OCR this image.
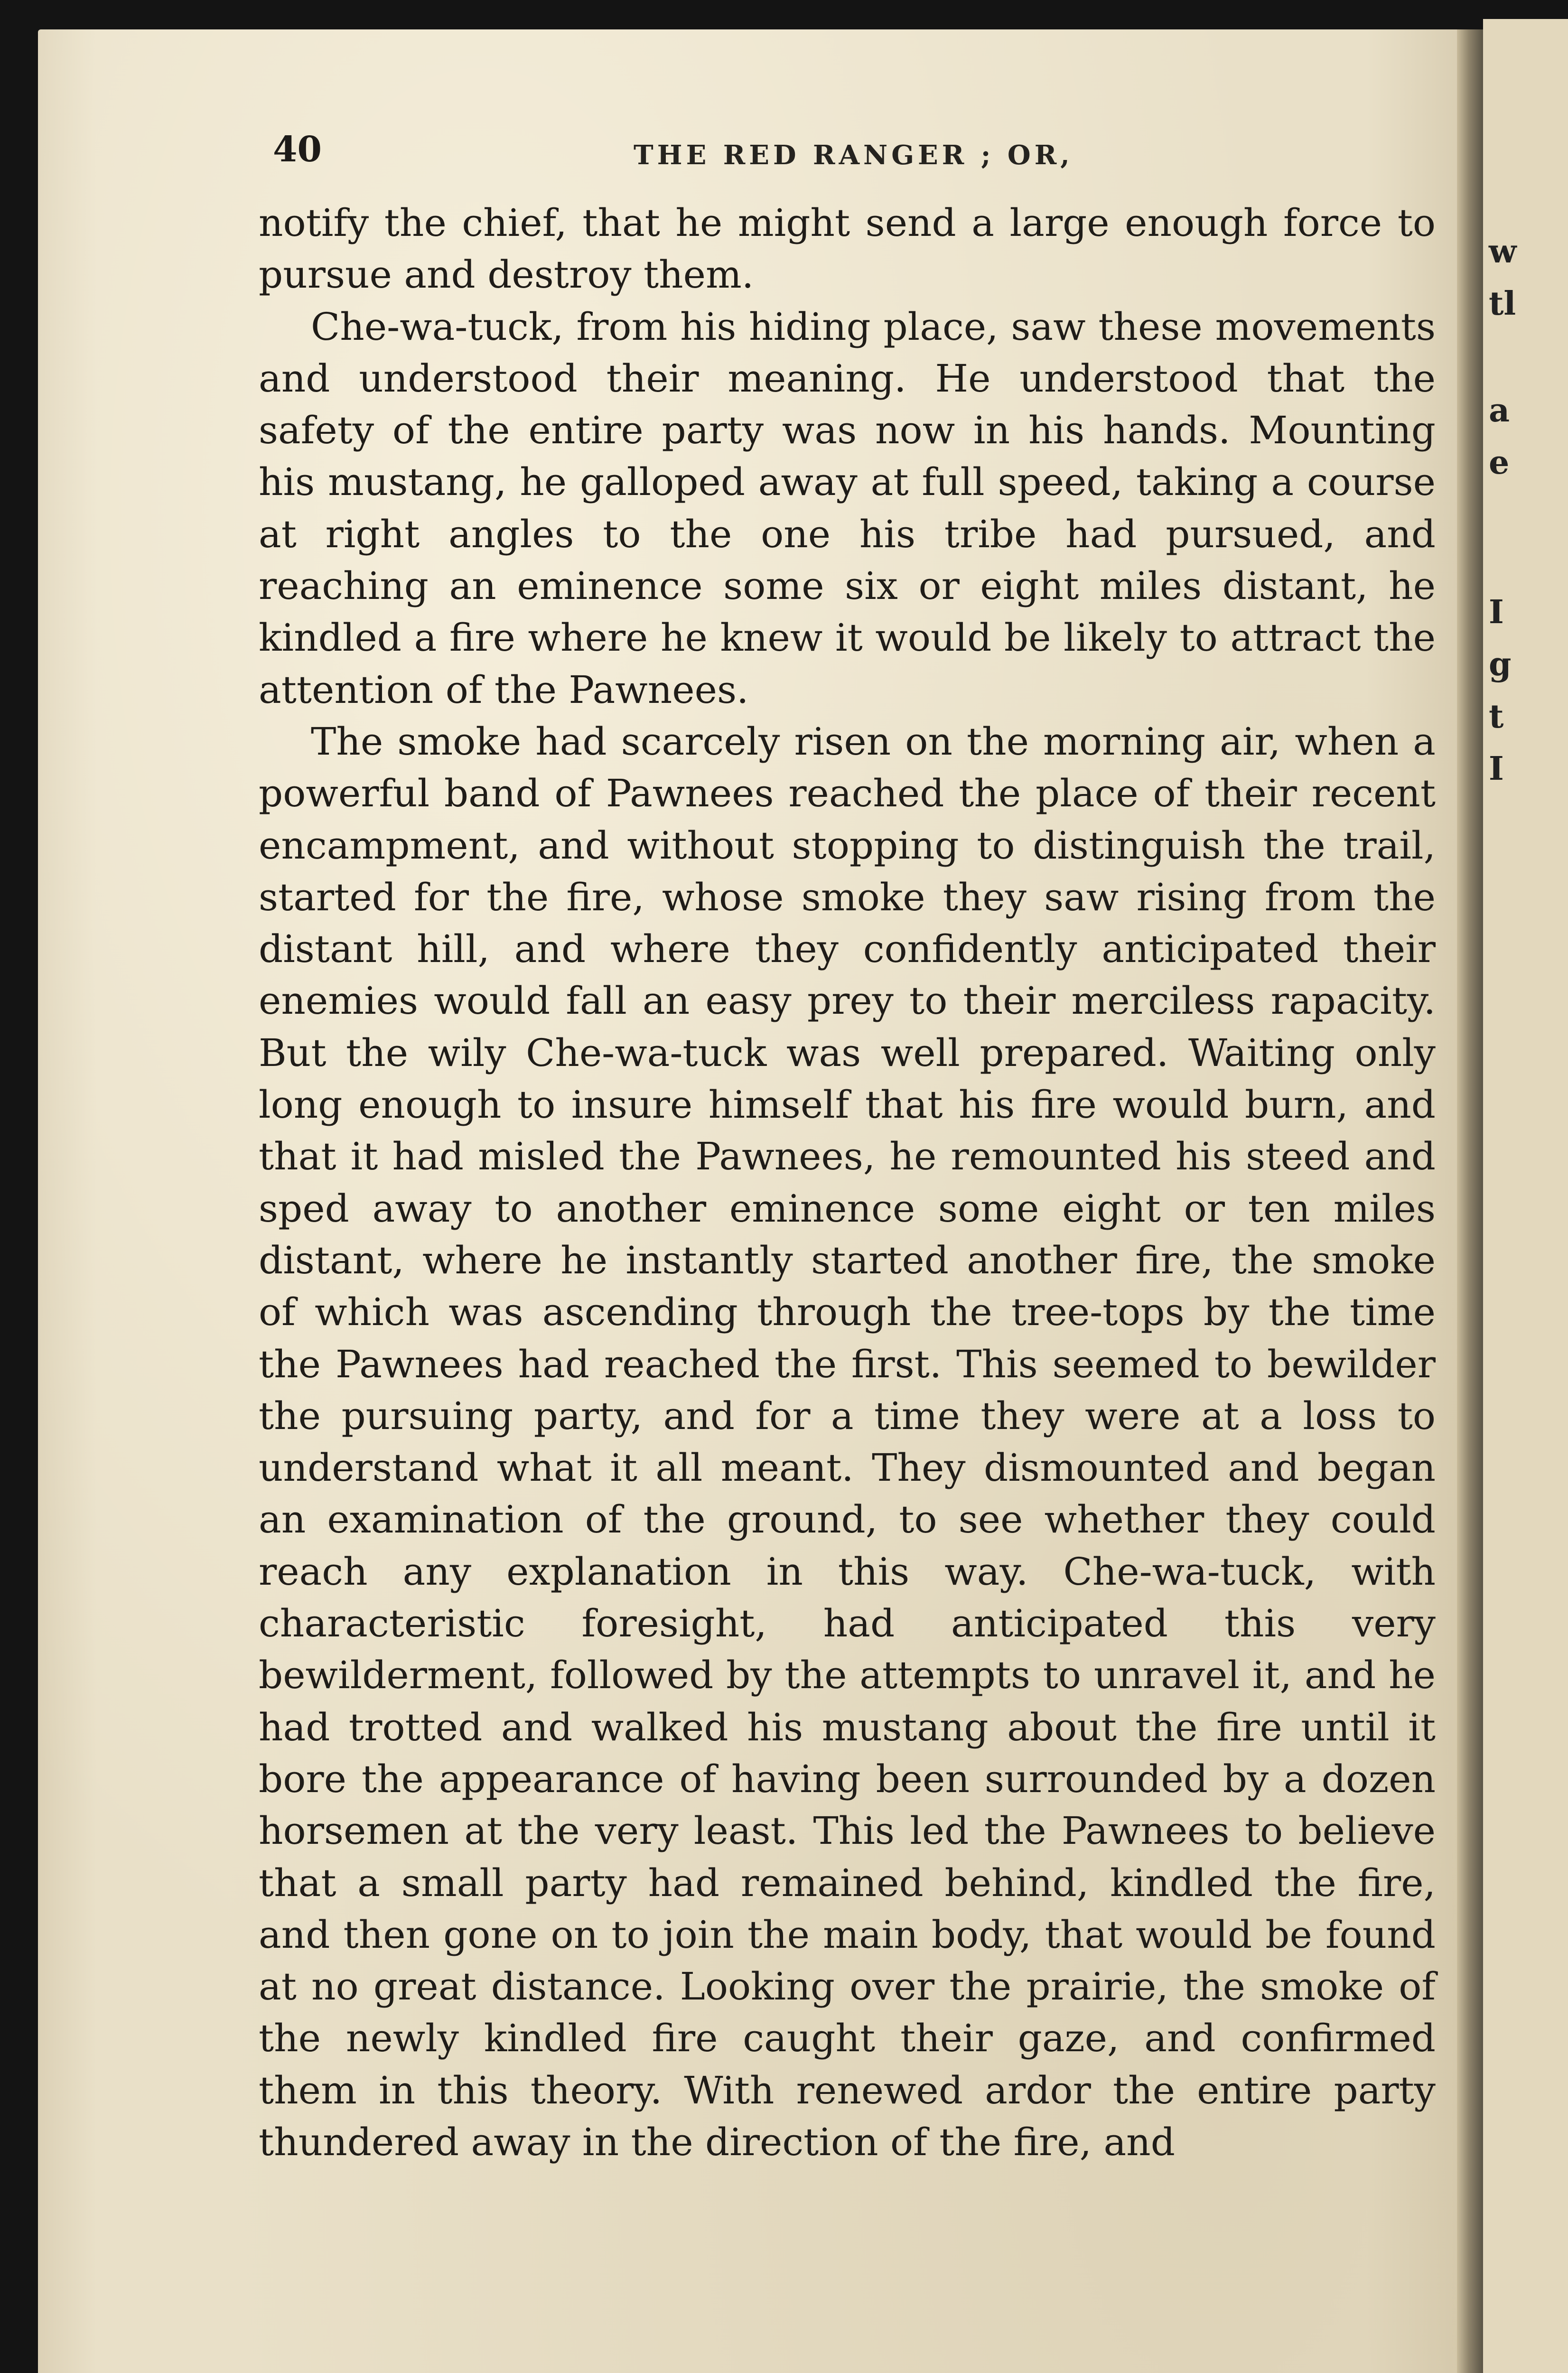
w
tl
a
e
I
g
t
I
40	THE RED RANGER ; OR,

notify the chief, that he might send a large enough force to pursue and destroy them.

Che-wa-tuck, from his hiding place, saw these movements and understood their meaning. He understood that the safety of the entire party was now in his hands. Mounting his mustang, he galloped away at full speed, taking a course at right angles to the one his tribe had pursued, and reaching an eminence some six or eight miles distant, he kindled a fire where he knew it would be likely to attract the attention of the Pawnees.

The smoke had scarcely risen on the morning air, when a powerful band of Pawnees reached the place of their recent encampment, and without stopping to distinguish the trail, started for the fire, whose smoke they saw rising from the distant hill, and where they confidently anticipated their enemies would fall an easy prey to their merciless rapacity. But the wily Che-wa-tuck was well prepared. Waiting only long enough to insure himself that his fire would burn, and that it had misled the Pawnees, he remounted his steed and sped away to another eminence some eight or ten miles distant, where he instantly started another fire, the smoke of which was ascending through the tree-tops by the time the Pawnees had reached the first. This seemed to bewilder the pursuing party, and for a time they were at a loss to understand what it all meant. They dismounted and began an examination of the ground, to see whether they could reach any explanation in this way. Che-wa-tuck, with characteristic foresight, had anticipated this very bewilderment, followed by the attempts to unravel it, and he had trotted and walked his mustang about the fire until it bore the appearance of having been surrounded by a dozen horsemen at the very least. This led the Pawnees to believe that a small party had remained behind, kindled the fire, and then gone on to join the main body, that would be found at no great distance. Looking over the prairie, the smoke of the newly kindled fire caught their gaze, and confirmed them in this theory. With renewed ardor the entire party thundered away in the direction of the fire, and
